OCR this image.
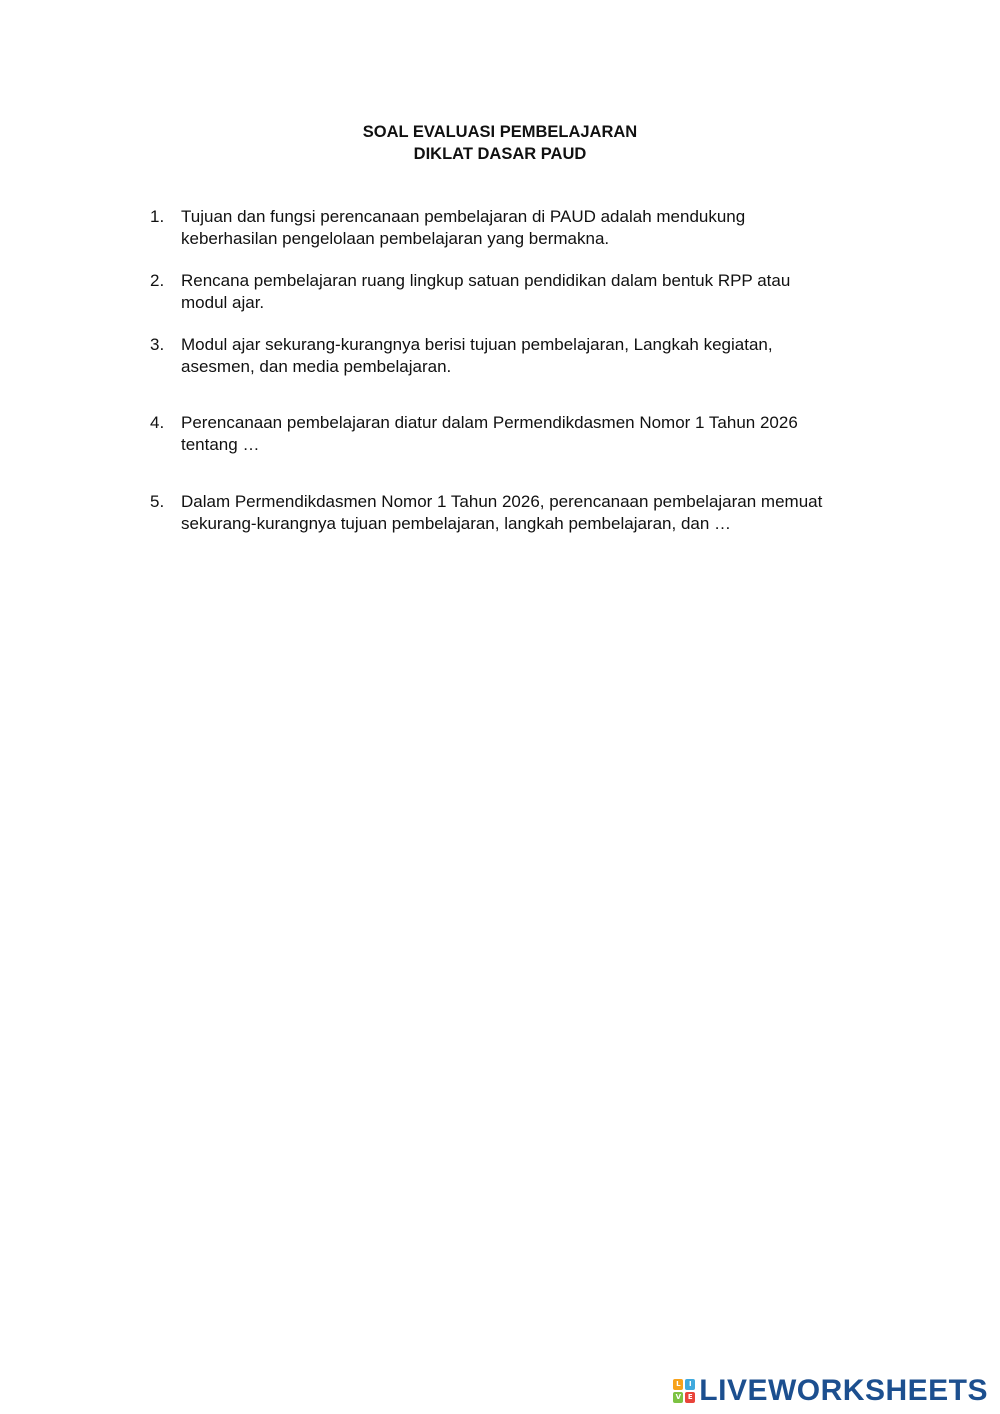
SOAL EVALUASI PEMBELAJARAN
DIKLAT DASAR PAUD
1. Tujuan dan fungsi perencanaan pembelajaran di PAUD adalah mendukung
keberhasilan pengelolaan pembelajaran yang bermakna.
2. Rencana pembelajaran ruang lingkup satuan pendidikan dalam bentuk RPP atau
modul ajar.
3. Modul ajar sekurang-kurangnya berisi tujuan pembelajaran, Langkah kegiatan,
asesmen, dan media pembelajaran.
4. Perencanaan pembelajaran diatur dalam Permendikdasmen Nomor 1 Tahun 2026
tentang …
5. Dalam Permendikdasmen Nomor 1 Tahun 2026, perencanaan pembelajaran memuat
sekurang-kurangnya tujuan pembelajaran, langkah pembelajaran, dan …
L	I
V E LIVEWORKSHEETS
